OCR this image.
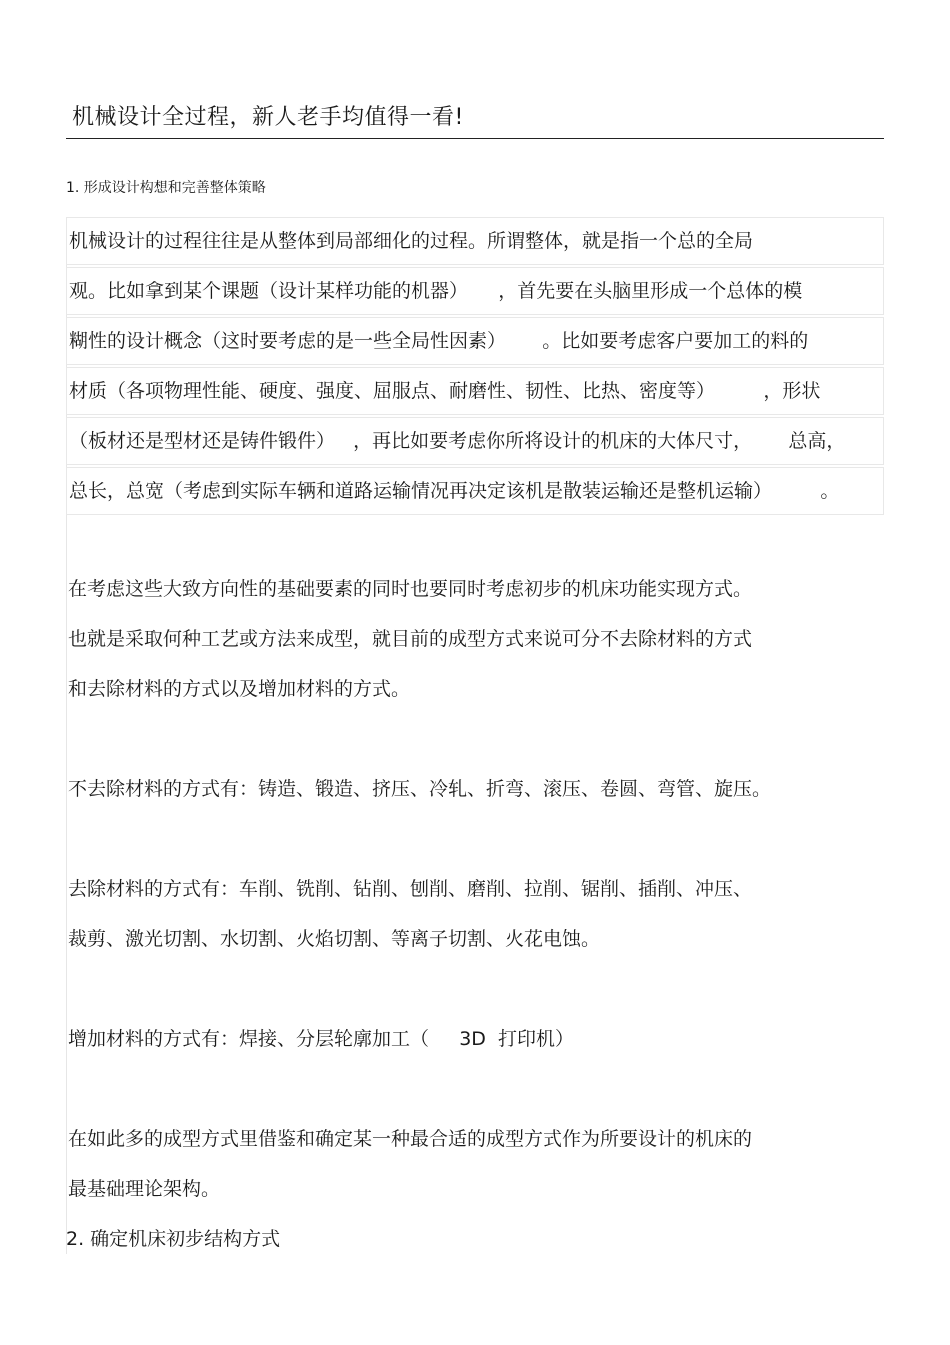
机械设计全过程，新人老手均值得一看!
1. 形成设计构想和完善整体策略
机械设计的过程往往是从整体到局部细化的过程。所谓整体，就是指一个总的全局
观。比如拿到某个课题（设计某样功能的机器）     ，首先要在头脑里形成一个总体的模
糊性的设计概念（这时要考虑的是一些全局性因素）      。比如要考虑客户要加工的料的
材质（各项物理性能、硬度、强度、屈服点、耐磨性、韧性、比热、密度等）        ，形状
（板材还是型材还是铸件锻件）   ，再比如要考虑你所将设计的机床的大体尺寸，      总高，
总长，总宽（考虑到实际车辆和道路运输情况再决定该机是散装运输还是整机运输）        。
在考虑这些大致方向性的基础要素的同时也要同时考虑初步的机床功能实现方式。
也就是采取何种工艺或方法来成型，就目前的成型方式来说可分不去除材料的方式
和去除材料的方式以及增加材料的方式。
不去除材料的方式有：铸造、锻造、挤压、冷轧、折弯、滚压、卷圆、弯管、旋压。
去除材料的方式有：车削、铣削、钻削、刨削、磨削、拉削、锯削、插削、冲压、
裁剪、激光切割、水切割、火焰切割、等离子切割、火花电蚀。
增加材料的方式有：焊接、分层轮廓加工（     3D  打印机）
在如此多的成型方式里借鉴和确定某一种最合适的成型方式作为所要设计的机床的
最基础理论架构。
2. 确定机床初步结构方式
